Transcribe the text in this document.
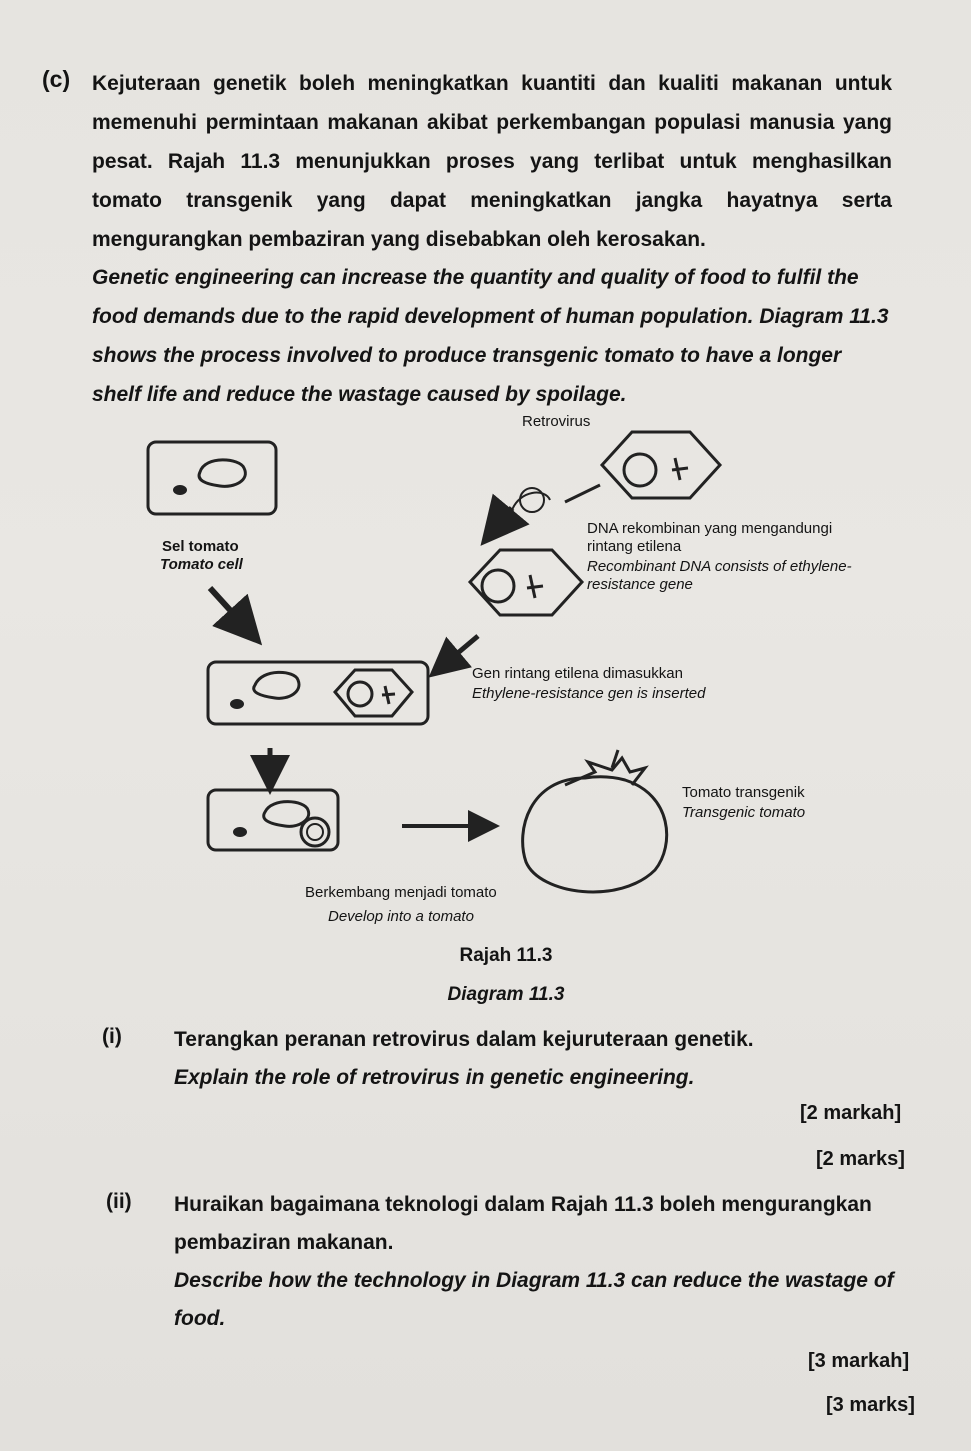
(c) Kejuteraan genetik boleh meningkatkan kuantiti dan kualiti makanan untuk memenuhi permintaan makanan akibat perkembangan populasi manusia yang pesat. Rajah 11.3 menunjukkan proses yang terlibat untuk menghasilkan tomato transgenik yang dapat meningkatkan jangka hayatnya serta mengurangkan pembaziran yang disebabkan oleh kerosakan.
Genetic engineering can increase the quantity and quality of food to fulfil the food demands due to the rapid development of human population. Diagram 11.3 shows the process involved to produce transgenic tomato to have a longer shelf life and reduce the wastage caused by spoilage.
Retrovirus
Sel tomato
Tomato cell
DNA rekombinan yang mengandungi rintang etilena
Recombinant DNA consists of ethylene-resistance gene
Gen rintang etilena dimasukkan
Ethylene-resistance gen is inserted
Tomato transgenik
Transgenic tomato
Berkembang menjadi tomato
Develop into a tomato
Rajah 11.3
Diagram 11.3
(i) Terangkan peranan retrovirus dalam kejuruteraan genetik.
Explain the role of retrovirus in genetic engineering.
[2 markah]
[2 marks]
(ii) Huraikan bagaimana teknologi dalam Rajah 11.3 boleh mengurangkan pembaziran makanan.
Describe how the technology in Diagram 11.3 can reduce the wastage of food.
[3 markah]
[3 marks]
